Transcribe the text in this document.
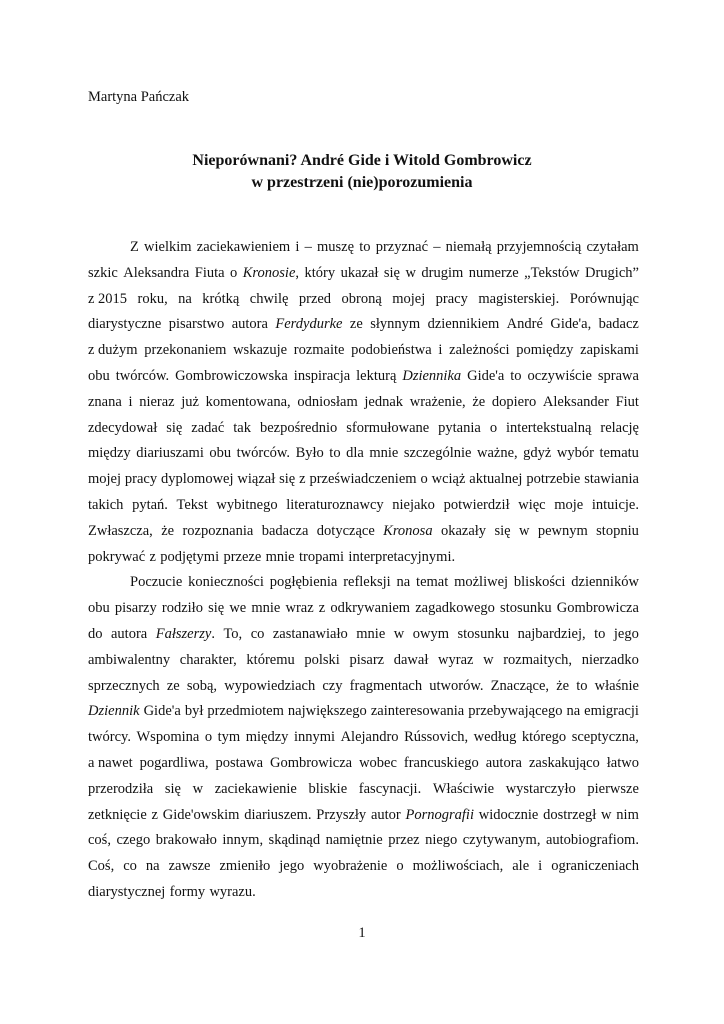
Martyna Pańczak
Nieporównani? André Gide i Witold Gombrowicz
w przestrzeni (nie)porozumienia
Z wielkim zaciekawieniem i – muszę to przyznać – niemałą przyjemnością czytałam
szkic Aleksandra Fiuta o Kronosie, który ukazał się w drugim numerze „Tekstów Drugich”
z 2015 roku, na krótką chwilę przed obroną mojej pracy magisterskiej. Porównując
diarystyczne pisarstwo autora Ferdydurke ze słynnym dziennikiem André Gide'a, badacz
z dużym przekonaniem wskazuje rozmaite podobieństwa i zależności pomiędzy zapiskami
obu twórców. Gombrowiczowska inspiracja lekturą Dziennika Gide'a to oczywiście sprawa
znana i nieraz już komentowana, odniosłam jednak wrażenie, że dopiero Aleksander Fiut
zdecydował się zadać tak bezpośrednio sformułowane pytania o intertekstualną relację
między diariuszami obu twórców. Było to dla mnie szczególnie ważne, gdyż wybór tematu
mojej pracy dyplomowej wiązał się z przeświadczeniem o wciąż aktualnej potrzebie stawiania
takich pytań. Tekst wybitnego literaturoznawcy niejako potwierdził więc moje intuicje.
Zwłaszcza, że rozpoznania badacza dotyczące Kronosa okazały się w pewnym stopniu
pokrywać z podjętymi przeze mnie tropami interpretacyjnymi.
Poczucie konieczności pogłębienia refleksji na temat możliwej bliskości dzienników
obu pisarzy rodziło się we mnie wraz z odkrywaniem zagadkowego stosunku Gombrowicza
do autora Fałszerzy. To, co zastanawiało mnie w owym stosunku najbardziej, to jego
ambiwalentny charakter, któremu polski pisarz dawał wyraz w rozmaitych, nierzadko
sprzecznych ze sobą, wypowiedziach czy fragmentach utworów. Znaczące, że to właśnie
Dziennik Gide'a był przedmiotem największego zainteresowania przebywającego na emigracji
twórcy. Wspomina o tym między innymi Alejandro Rússovich, według którego sceptyczna,
a nawet pogardliwa, postawa Gombrowicza wobec francuskiego autora zaskakująco łatwo
przerodziła się w zaciekawienie bliskie fascynacji. Właściwie wystarczyło pierwsze
zetknięcie z Gide'owskim diariuszem. Przyszły autor Pornografii widocznie dostrzegł w nim
coś, czego brakowało innym, skądinąd namiętnie przez niego czytywanym, autobiografiom.
Coś, co na zawsze zmieniło jego wyobrażenie o możliwościach, ale i ograniczeniach
diarystycznej formy wyrazu.
1
